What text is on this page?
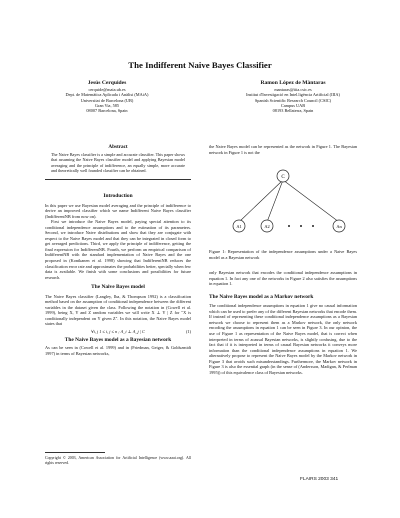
The Indifferent Naive Bayes Classifier
Jesús Cerquides
cerquide@maia.ub.es
Dept. de Matemàtica Aplicada i Anàlisi (MAiA)
Universitat de Barcelona (UB)
Gran Via, 585
08007 Barcelona, Spain
Ramon López de Màntaras
mantaras@iiia.csic.es
Institut d'Investigació en Intel.ligència Artificial (IIIA)
Spanish Scientific Research Council (CSIC)
Campus UAB
08193 Bellaterra, Spain
Abstract
The Naive Bayes classifier is a simple and accurate classifier. This paper shows that assuming the Naive Bayes classifier model and applying Bayesian model averaging and the principle of indifference, an equally simple, more accurate and theoretically well founded classifier can be obtained.

Introduction

In this paper we use Bayesian model averaging and the principle of indifference to derive an improved classifier which we name Indifferent Naive Bayes classifier (IndifferentNB from now on).

First we introduce the Naive Bayes model, paying special attention to its conditional independence assumptions and to the estimation of its parameters. Second, we introduce Naive distributions and show that they are conjugate with respect to the Naive Bayes model and that they can be integrated in closed form to get averaged predictions. Third, we apply the principle of indifference, getting the final expression for IndifferentNB. Fourth, we perform an empirical comparison of IndifferentNB with the standard implementation of Naive Bayes and the one proposed in (Kontkanen et al. 1998) showing that IndifferentNB reduces the classification error rate and approximates the probabilities better, specially when few data is available. We finish with some conclusions and possibilities for future research.

The Naive Bayes model

The Naive Bayes classifier (Langley, Iba, & Thompson 1992) is a classification method based on the assumption of conditional independence between the different variables in the dataset given the class. Following the notation in (Cowell et al. 1999), being X, Y and Z random variables we will write X ⊥ Y | Z for "X is conditionally independent on Y given Z". In this notation, the Naive Bayes model states that

∀i, j 1 ≤ i, j ≤ n ; A_i ⊥ A_j | C	(1)

The Naive Bayes model as a Bayesian network

As can be seen in (Cowell et al. 1999) and in (Friedman, Geiger, & Goldszmidt 1997) in terms of Bayesian networks,

Copyright © 2003, American Association for Artificial Intelligence (www.aaai.org). All rights reserved.

the Naive Bayes model can be represented as the network in Figure 1. The Bayesian network in Figure 1 is not the

C
A1	A2	An

Figure 1: Representation of the independence assumptions under a Naive Bayes model as a Bayesian network

only Bayesian network that encodes the conditional independence assumptions in equation 1. In fact any one of the networks in Figure 2 also satisfies the assumptions in equation 1.

The Naive Bayes model as a Markov network

The conditional independence assumptions in equation 1 give no causal information which can be used to prefer any of the different Bayesian networks that encode them. If instead of representing these conditional independence assumptions as a Bayesian network we choose to represent them as a Markov network, the only network encoding the assumptions in equation 1 can be seen in Figure 3. In our opinion, the use of Figure 1 as representation of the Naive Bayes model, that is correct when interpreted in terms of acausal Bayesian networks, is slightly confusing, due to the fact that if it is interpreted in terms of causal Bayesian networks it conveys more information than the conditional independence assumptions in equation 1. We alternatively propose to represent the Naive Bayes model by the Markov network in Figure 3 that avoids such misunderstandings. Furthermore, the Markov network in Figure 3 is also the essential graph (in the sense of (Andersson, Madigan, & Perlman 1995)) of this equivalence class of Bayesian networks.

FLAIRS 2003 341
